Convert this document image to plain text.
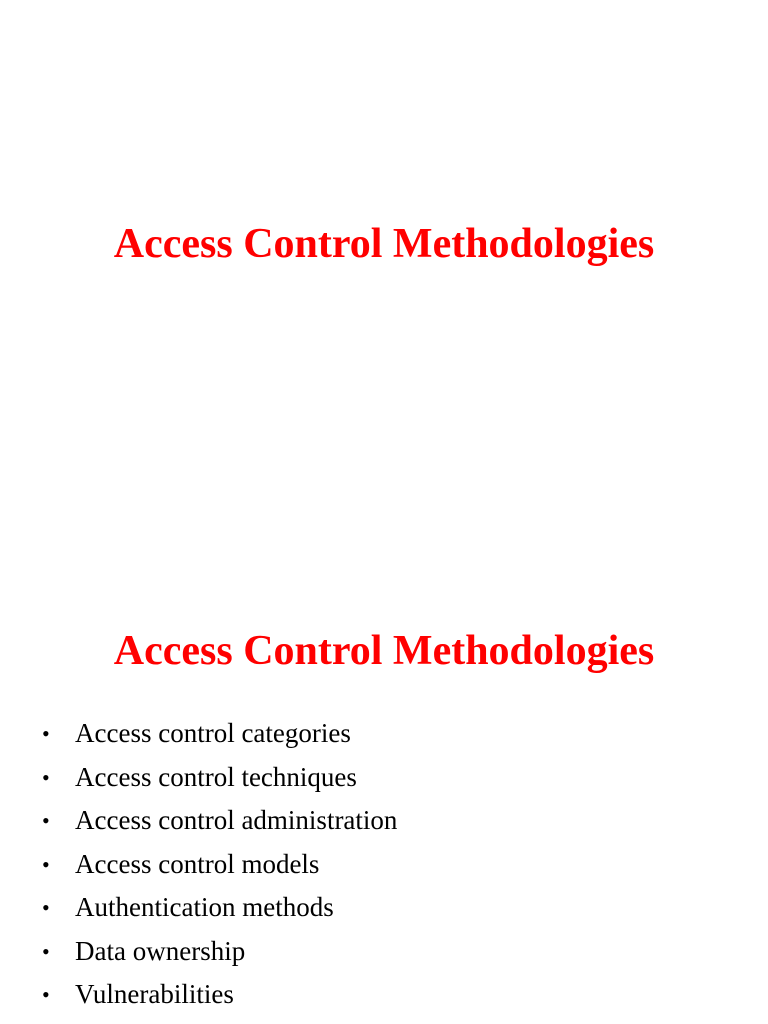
Access Control Methodologies
Access Control Methodologies
• Access control categories
• Access control techniques
• Access control administration
• Access control models
• Authentication methods
• Data ownership
• Vulnerabilities
